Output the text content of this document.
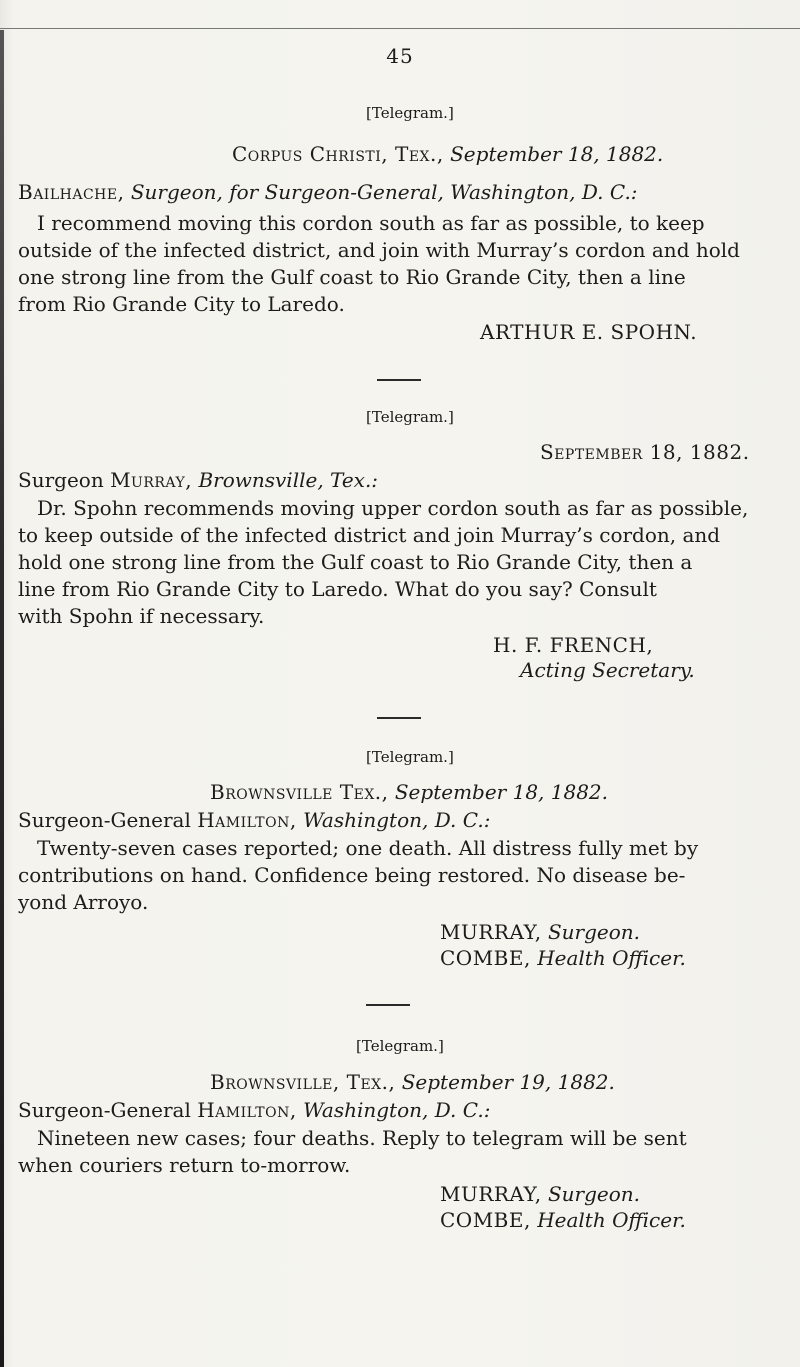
45
[Telegram.]
Corpus Christi, Tex., September 18, 1882.
Bailhache, Surgeon, for Surgeon-General, Washington, D. C.:
I recommend moving this cordon south as far as possible, to keep
outside of the infected district, and join with Murray’s cordon and hold
one strong line from the Gulf coast to Rio Grande City, then a line
from Rio Grande City to Laredo.
ARTHUR E. SPOHN.
[Telegram.]
September 18, 1882.
Surgeon Murray, Brownsville, Tex.:
Dr. Spohn recommends moving upper cordon south as far as possible,
to keep outside of the infected district and join Murray’s cordon, and
hold one strong line from the Gulf coast to Rio Grande City, then a
line from Rio Grande City to Laredo. What do you say? Consult
with Spohn if necessary.
H. F. FRENCH,
Acting Secretary.
[Telegram.]
Brownsville Tex., September 18, 1882.
Surgeon-General Hamilton, Washington, D. C.:
Twenty-seven cases reported; one death. All distress fully met by
contributions on hand. Confidence being restored. No disease be-
yond Arroyo.
MURRAY, Surgeon.
COMBE, Health Officer.
[Telegram.]
Brownsville, Tex., September 19, 1882.
Surgeon-General Hamilton, Washington, D. C.:
Nineteen new cases; four deaths. Reply to telegram will be sent
when couriers return to-morrow.
MURRAY, Surgeon.
COMBE, Health Officer.
